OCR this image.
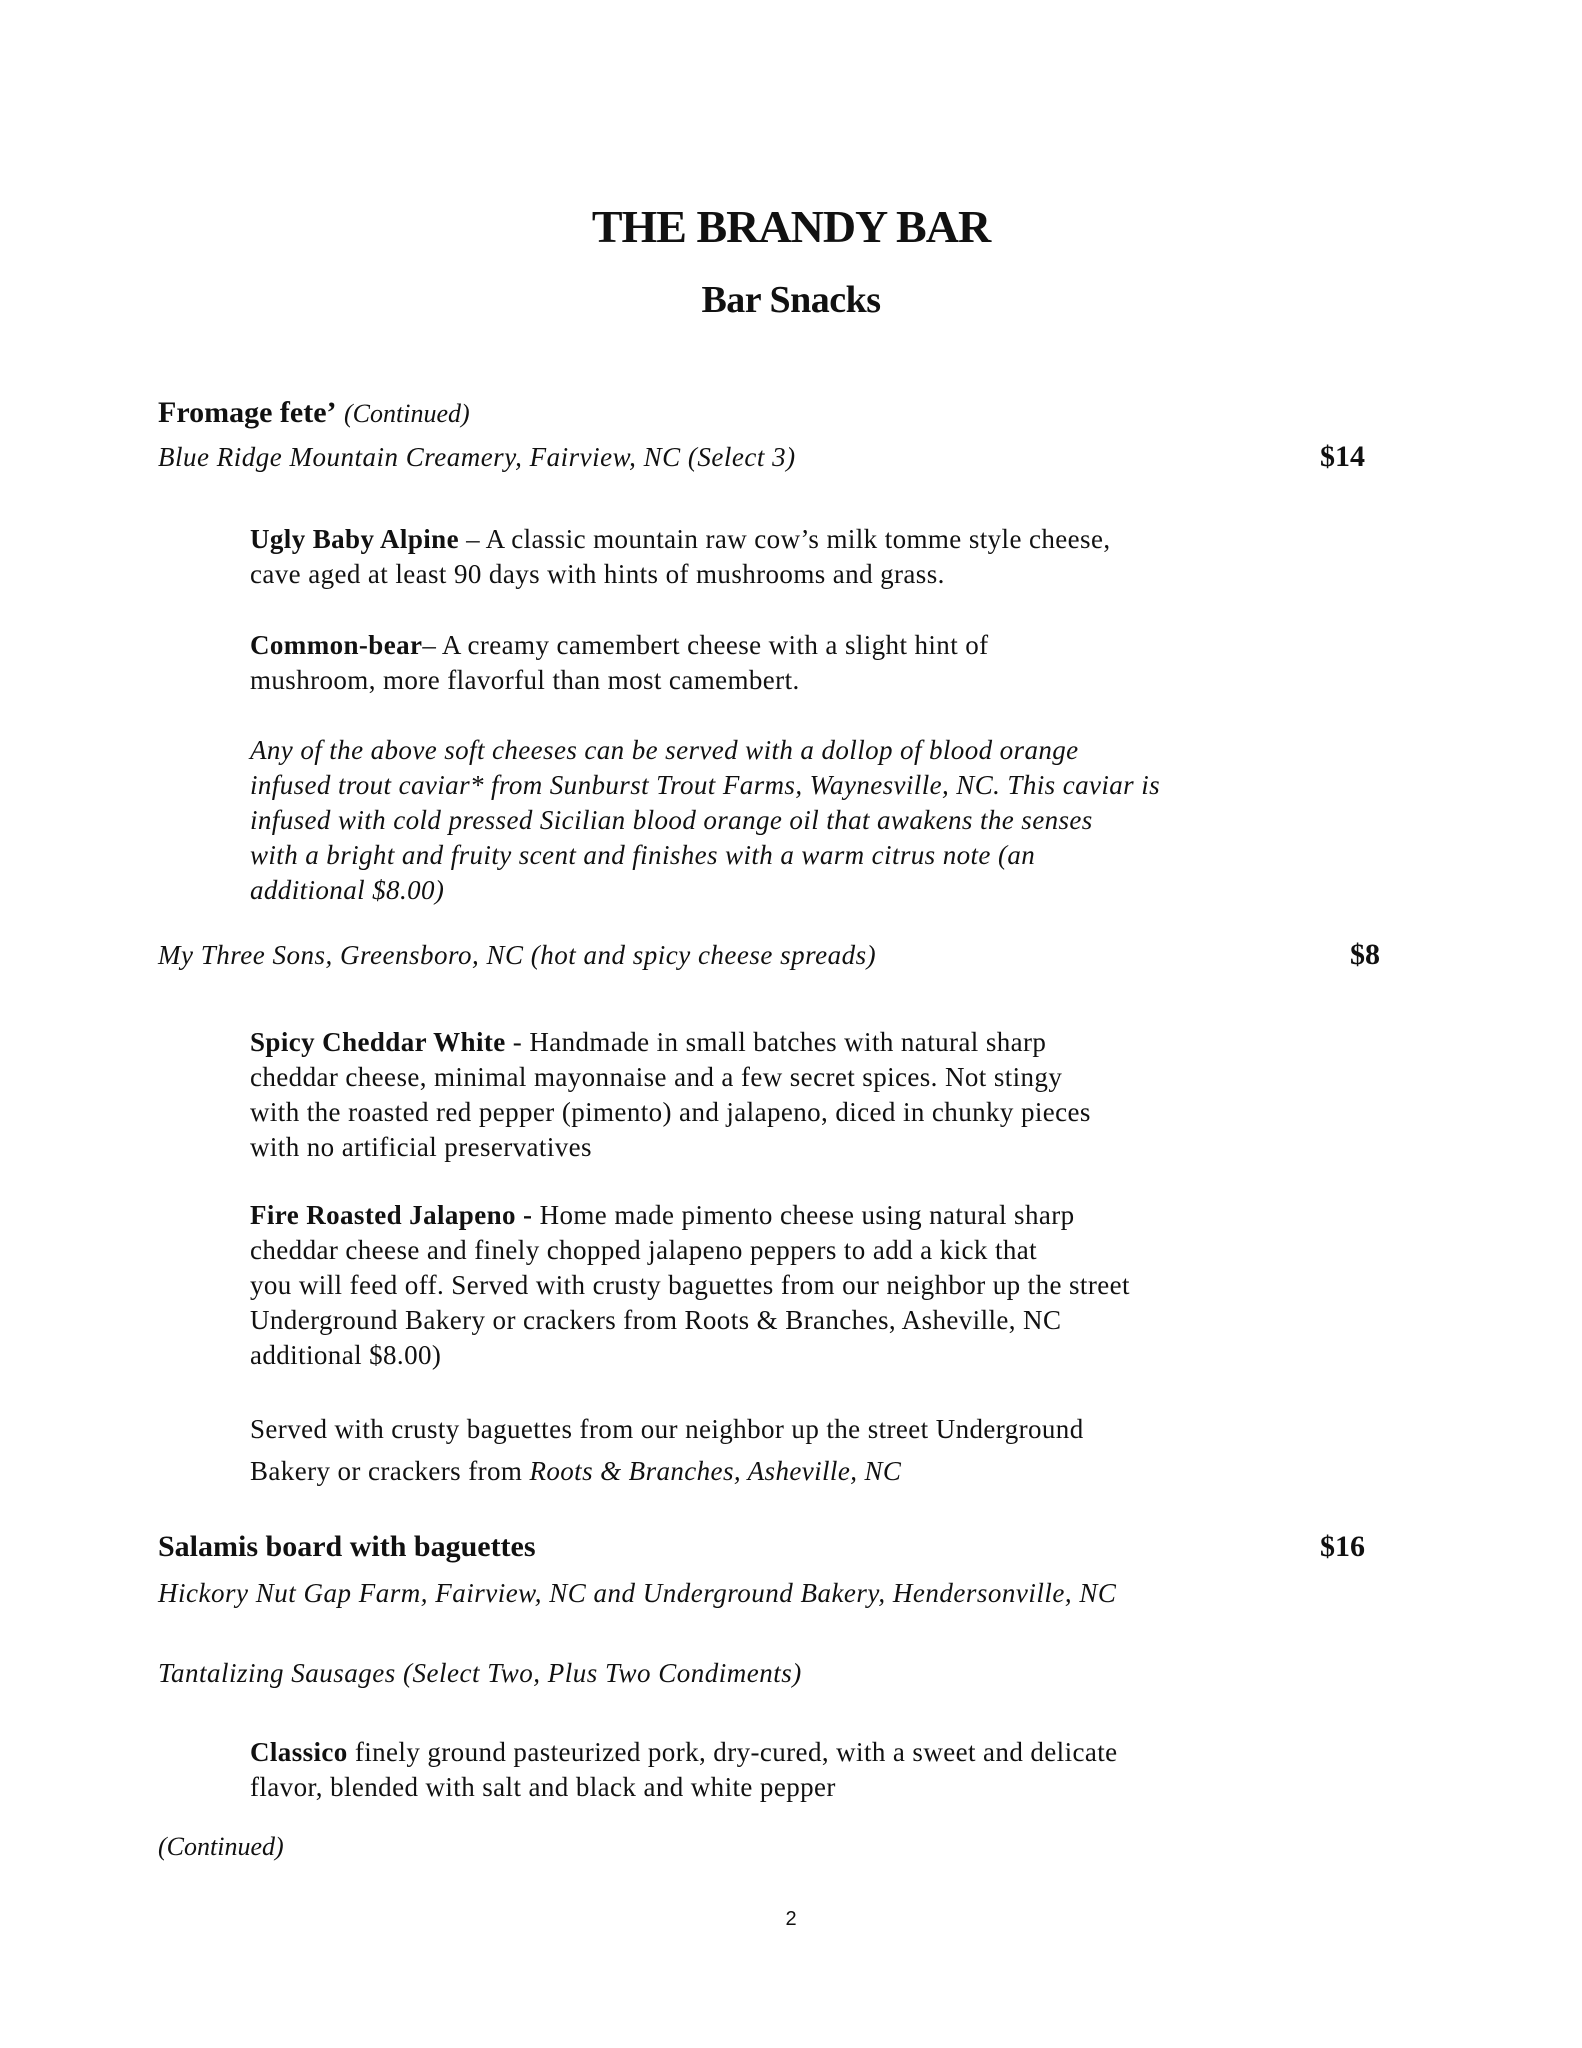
THE BRANDY BAR
Bar Snacks
Fromage fete’ (Continued)
Blue Ridge Mountain Creamery, Fairview, NC (Select 3)	$14
Ugly Baby Alpine – A classic mountain raw cow’s milk tomme style cheese,
cave aged at least 90 days with hints of mushrooms and grass.
Common-bear– A creamy camembert cheese with a slight hint of
mushroom, more flavorful than most camembert.
Any of the above soft cheeses can be served with a dollop of blood orange
infused trout caviar* from Sunburst Trout Farms, Waynesville, NC. This caviar is
infused with cold pressed Sicilian blood orange oil that awakens the senses
with a bright and fruity scent and finishes with a warm citrus note (an
additional $8.00)
My Three Sons, Greensboro, NC (hot and spicy cheese spreads)	$8
Spicy Cheddar White - Handmade in small batches with natural sharp
cheddar cheese, minimal mayonnaise and a few secret spices. Not stingy
with the roasted red pepper (pimento) and jalapeno, diced in chunky pieces
with no artificial preservatives
Fire Roasted Jalapeno - Home made pimento cheese using natural sharp
cheddar cheese and finely chopped jalapeno peppers to add a kick that
you will feed off. Served with crusty baguettes from our neighbor up the street
Underground Bakery or crackers from Roots & Branches, Asheville, NC
additional $8.00)
Served with crusty baguettes from our neighbor up the street Underground
Bakery or crackers from Roots & Branches, Asheville, NC
Salamis board with baguettes	$16
Hickory Nut Gap Farm, Fairview, NC and Underground Bakery, Hendersonville, NC
Tantalizing Sausages (Select Two, Plus Two Condiments)
Classico finely ground pasteurized pork, dry-cured, with a sweet and delicate
flavor, blended with salt and black and white pepper
(Continued)
2
